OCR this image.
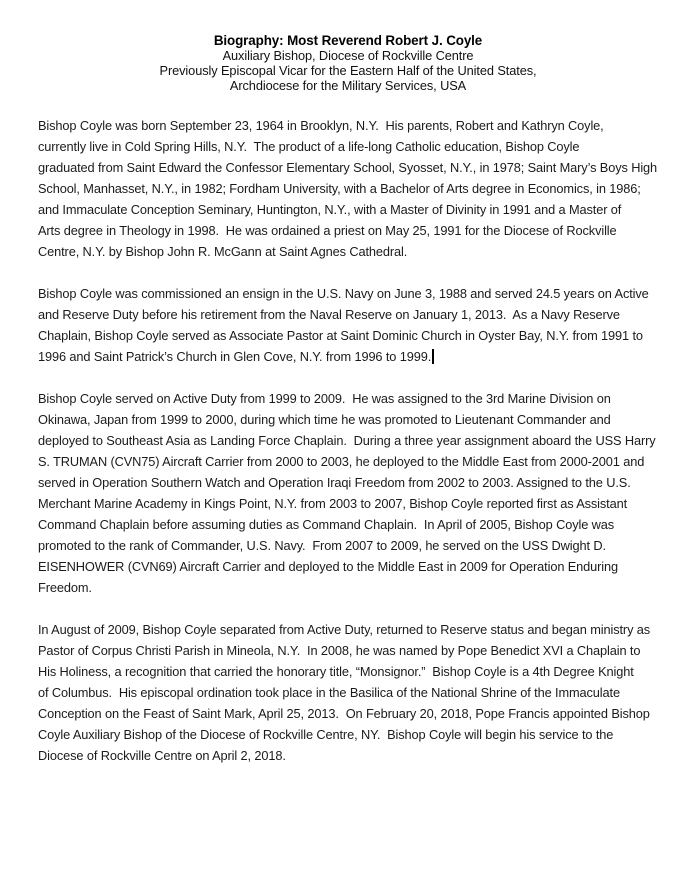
Biography: Most Reverend Robert J. Coyle
Auxiliary Bishop, Diocese of Rockville Centre
Previously Episcopal Vicar for the Eastern Half of the United States,
Archdiocese for the Military Services, USA
Bishop Coyle was born September 23, 1964 in Brooklyn, N.Y.  His parents, Robert and Kathryn Coyle,
currently live in Cold Spring Hills, N.Y.  The product of a life-long Catholic education, Bishop Coyle
graduated from Saint Edward the Confessor Elementary School, Syosset, N.Y., in 1978; Saint Mary’s Boys High
School, Manhasset, N.Y., in 1982; Fordham University, with a Bachelor of Arts degree in Economics, in 1986;
and Immaculate Conception Seminary, Huntington, N.Y., with a Master of Divinity in 1991 and a Master of
Arts degree in Theology in 1998.  He was ordained a priest on May 25, 1991 for the Diocese of Rockville
Centre, N.Y. by Bishop John R. McGann at Saint Agnes Cathedral.
Bishop Coyle was commissioned an ensign in the U.S. Navy on June 3, 1988 and served 24.5 years on Active
and Reserve Duty before his retirement from the Naval Reserve on January 1, 2013.  As a Navy Reserve
Chaplain, Bishop Coyle served as Associate Pastor at Saint Dominic Church in Oyster Bay, N.Y. from 1991 to
1996 and Saint Patrick’s Church in Glen Cove, N.Y. from 1996 to 1999.
Bishop Coyle served on Active Duty from 1999 to 2009.  He was assigned to the 3rd Marine Division on
Okinawa, Japan from 1999 to 2000, during which time he was promoted to Lieutenant Commander and
deployed to Southeast Asia as Landing Force Chaplain.  During a three year assignment aboard the USS Harry
S. TRUMAN (CVN75) Aircraft Carrier from 2000 to 2003, he deployed to the Middle East from 2000-2001 and
served in Operation Southern Watch and Operation Iraqi Freedom from 2002 to 2003. Assigned to the U.S.
Merchant Marine Academy in Kings Point, N.Y. from 2003 to 2007, Bishop Coyle reported first as Assistant
Command Chaplain before assuming duties as Command Chaplain.  In April of 2005, Bishop Coyle was
promoted to the rank of Commander, U.S. Navy.  From 2007 to 2009, he served on the USS Dwight D.
EISENHOWER (CVN69) Aircraft Carrier and deployed to the Middle East in 2009 for Operation Enduring
Freedom.
In August of 2009, Bishop Coyle separated from Active Duty, returned to Reserve status and began ministry as
Pastor of Corpus Christi Parish in Mineola, N.Y.  In 2008, he was named by Pope Benedict XVI a Chaplain to
His Holiness, a recognition that carried the honorary title, “Monsignor.”  Bishop Coyle is a 4th Degree Knight
of Columbus.  His episcopal ordination took place in the Basilica of the National Shrine of the Immaculate
Conception on the Feast of Saint Mark, April 25, 2013.  On February 20, 2018, Pope Francis appointed Bishop
Coyle Auxiliary Bishop of the Diocese of Rockville Centre, NY.  Bishop Coyle will begin his service to the
Diocese of Rockville Centre on April 2, 2018.
